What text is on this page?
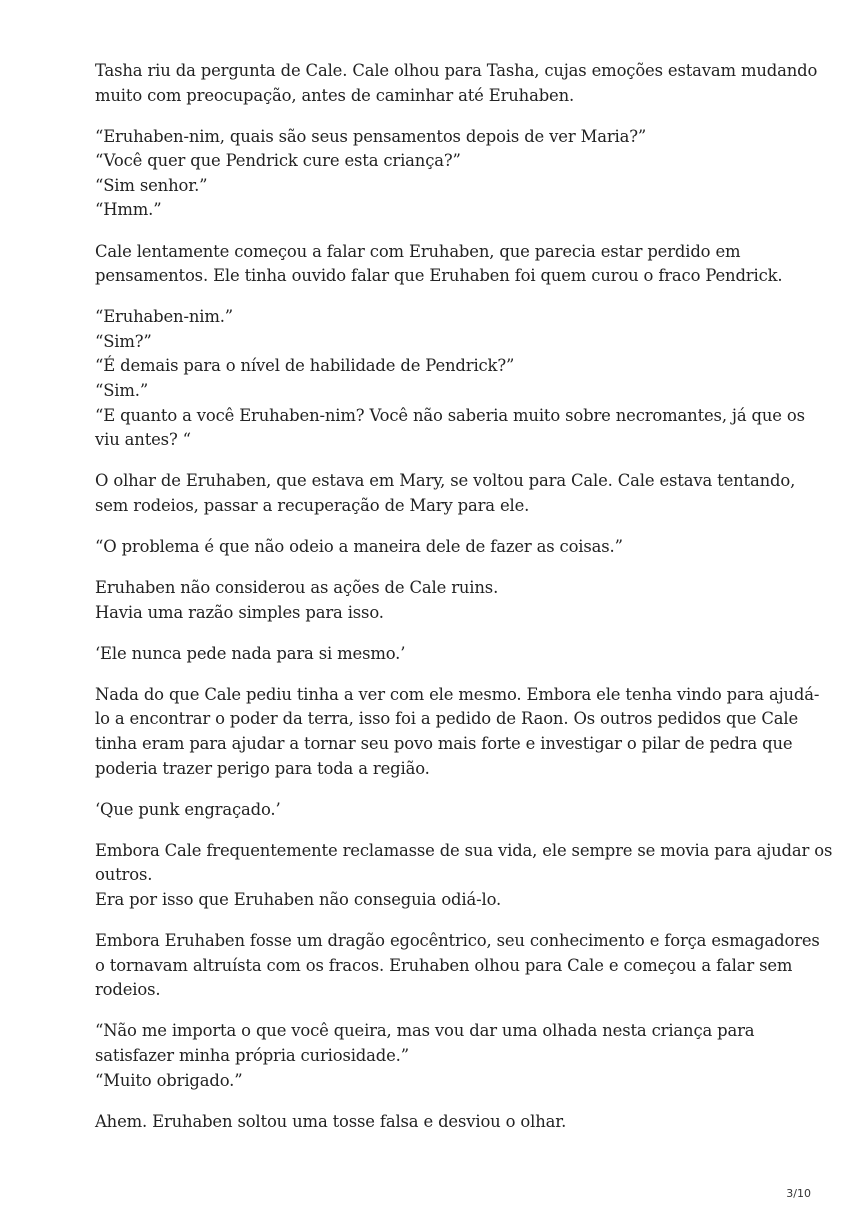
Tasha riu da pergunta de Cale. Cale olhou para Tasha, cujas emoções estavam mudando
muito com preocupação, antes de caminhar até Eruhaben.

“Eruhaben-nim, quais são seus pensamentos depois de ver Maria?”
“Você quer que Pendrick cure esta criança?”
“Sim senhor.”
“Hmm.”

Cale lentamente começou a falar com Eruhaben, que parecia estar perdido em
pensamentos. Ele tinha ouvido falar que Eruhaben foi quem curou o fraco Pendrick.

“Eruhaben-nim.”
“Sim?”
“É demais para o nível de habilidade de Pendrick?”
“Sim.”
“E quanto a você Eruhaben-nim? Você não saberia muito sobre necromantes, já que os
viu antes? “

O olhar de Eruhaben, que estava em Mary, se voltou para Cale. Cale estava tentando,
sem rodeios, passar a recuperação de Mary para ele.

“O problema é que não odeio a maneira dele de fazer as coisas.”

Eruhaben não considerou as ações de Cale ruins.
Havia uma razão simples para isso.

‘Ele nunca pede nada para si mesmo.’

Nada do que Cale pediu tinha a ver com ele mesmo. Embora ele tenha vindo para ajudá-
lo a encontrar o poder da terra, isso foi a pedido de Raon. Os outros pedidos que Cale
tinha eram para ajudar a tornar seu povo mais forte e investigar o pilar de pedra que
poderia trazer perigo para toda a região.

‘Que punk engraçado.’

Embora Cale frequentemente reclamasse de sua vida, ele sempre se movia para ajudar os
outros.
Era por isso que Eruhaben não conseguia odiá-lo.

Embora Eruhaben fosse um dragão egocêntrico, seu conhecimento e força esmagadores
o tornavam altruísta com os fracos. Eruhaben olhou para Cale e começou a falar sem
rodeios.

“Não me importa o que você queira, mas vou dar uma olhada nesta criança para
satisfazer minha própria curiosidade.”
“Muito obrigado.”

Ahem. Eruhaben soltou uma tosse falsa e desviou o olhar.

3/10
